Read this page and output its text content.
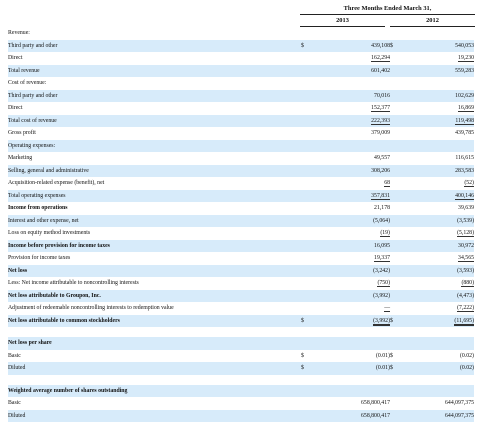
Three Months Ended March 31,
2013	2012
Revenue:				
Third party and other	$	439,108	$	540,053
Direct		162,294		19,230
Total revenue		601,402		559,283
Cost of revenue:				
Third party and other		70,016		102,629
Direct		152,377		16,869
Total cost of revenue		222,393		119,498
Gross profit		379,009		439,785
Operating expenses:				
Marketing		49,557		116,615
Selling, general and administrative		308,206		283,583
Acquisition-related expense (benefit), net		68		(52)
Total operating expenses		357,831		400,146
Income from operations		21,178		39,639
Interest and other expense, net		(5,064)		(3,539)
Loss on equity method investments		(19)		(5,128)
Income before provision for income taxes		16,095		30,972
Provision for income taxes		19,337		34,565
Net loss		(3,242)		(3,593)
Less: Net income attributable to noncontrolling interests		(750)		(880)
Net loss attributable to Groupon, Inc.		(3,992)		(4,473)
Adjustment of redeemable noncontrolling interests to redemption value		—		(7,222)
Net loss attributable to common stockholders	$	(3,992)	$	(11,695)

Net loss per share				
Basic	$	(0.01)	$	(0.02)
Diluted	$	(0.01)	$	(0.02)

Weighted average number of shares outstanding				
Basic		658,800,417		644,097,375
Diluted		658,800,417		644,097,375
